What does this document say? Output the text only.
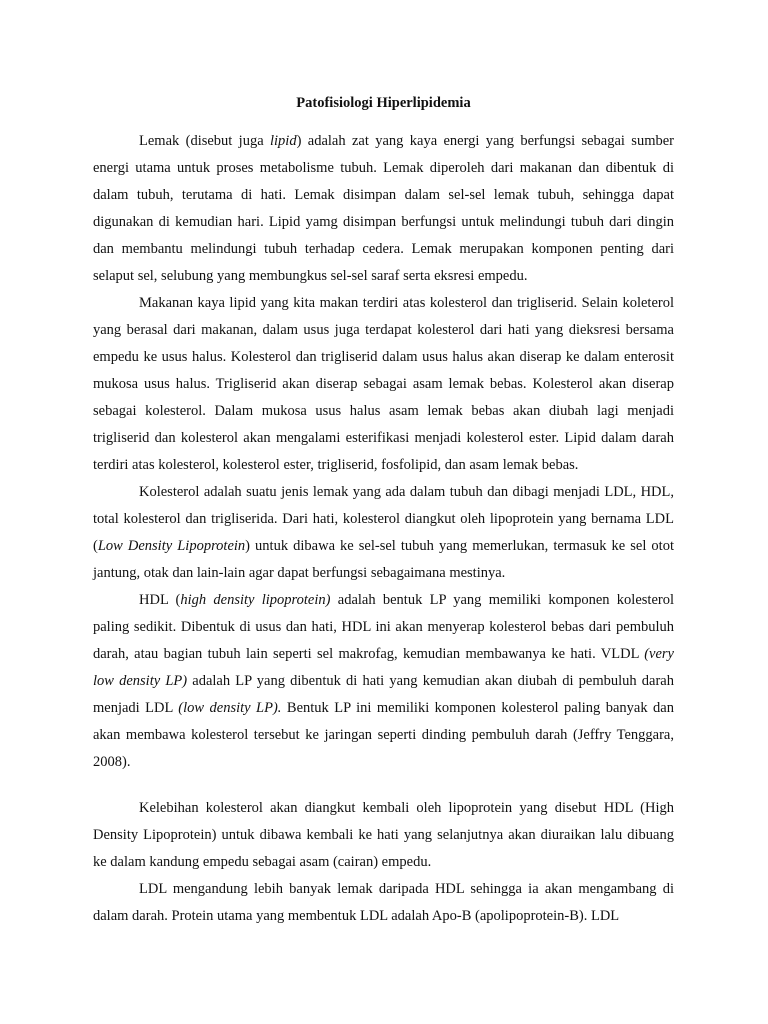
Patofisiologi Hiperlipidemia

Lemak (disebut juga lipid) adalah zat yang kaya energi yang berfungsi sebagai sumber energi utama untuk proses metabolisme tubuh. Lemak diperoleh dari makanan dan dibentuk di dalam tubuh, terutama di hati. Lemak disimpan dalam sel-sel lemak tubuh, sehingga dapat digunakan di kemudian hari. Lipid yamg disimpan berfungsi untuk melindungi tubuh dari dingin dan membantu melindungi tubuh terhadap cedera. Lemak merupakan komponen penting dari selaput sel, selubung yang membungkus sel-sel saraf serta eksresi empedu.

Makanan kaya lipid yang kita makan terdiri atas kolesterol dan trigliserid. Selain koleterol yang berasal dari makanan, dalam usus juga terdapat kolesterol dari hati yang dieksresi bersama empedu ke usus halus. Kolesterol dan trigliserid dalam usus halus akan diserap ke dalam enterosit mukosa usus halus. Trigliserid akan diserap sebagai asam lemak bebas. Kolesterol akan diserap sebagai kolesterol. Dalam mukosa usus halus asam lemak bebas akan diubah lagi menjadi trigliserid dan kolesterol akan mengalami esterifikasi menjadi kolesterol ester. Lipid dalam darah terdiri atas kolesterol, kolesterol ester, trigliserid, fosfolipid, dan asam lemak bebas.

Kolesterol adalah suatu jenis lemak yang ada dalam tubuh dan dibagi menjadi LDL, HDL, total kolesterol dan trigliserida. Dari hati, kolesterol diangkut oleh lipoprotein yang bernama LDL (Low Density Lipoprotein) untuk dibawa ke sel-sel tubuh yang memerlukan, termasuk ke sel otot jantung, otak dan lain-lain agar dapat berfungsi sebagaimana mestinya.

HDL (high density lipoprotein) adalah bentuk LP yang memiliki komponen kolesterol paling sedikit. Dibentuk di usus dan hati, HDL ini akan menyerap kolesterol bebas dari pembuluh darah, atau bagian tubuh lain seperti sel makrofag, kemudian membawanya ke hati. VLDL (very low density LP) adalah LP yang dibentuk di hati yang kemudian akan diubah di pembuluh darah menjadi LDL (low density LP). Bentuk LP ini memiliki komponen kolesterol paling banyak dan akan membawa kolesterol tersebut ke jaringan seperti dinding pembuluh darah (Jeffry Tenggara, 2008).

Kelebihan kolesterol akan diangkut kembali oleh lipoprotein yang disebut HDL (High Density Lipoprotein) untuk dibawa kembali ke hati yang selanjutnya akan diuraikan lalu dibuang ke dalam kandung empedu sebagai asam (cairan) empedu.

LDL mengandung lebih banyak lemak daripada HDL sehingga ia akan mengambang di dalam darah. Protein utama yang membentuk LDL adalah Apo-B (apolipoprotein-B). LDL
